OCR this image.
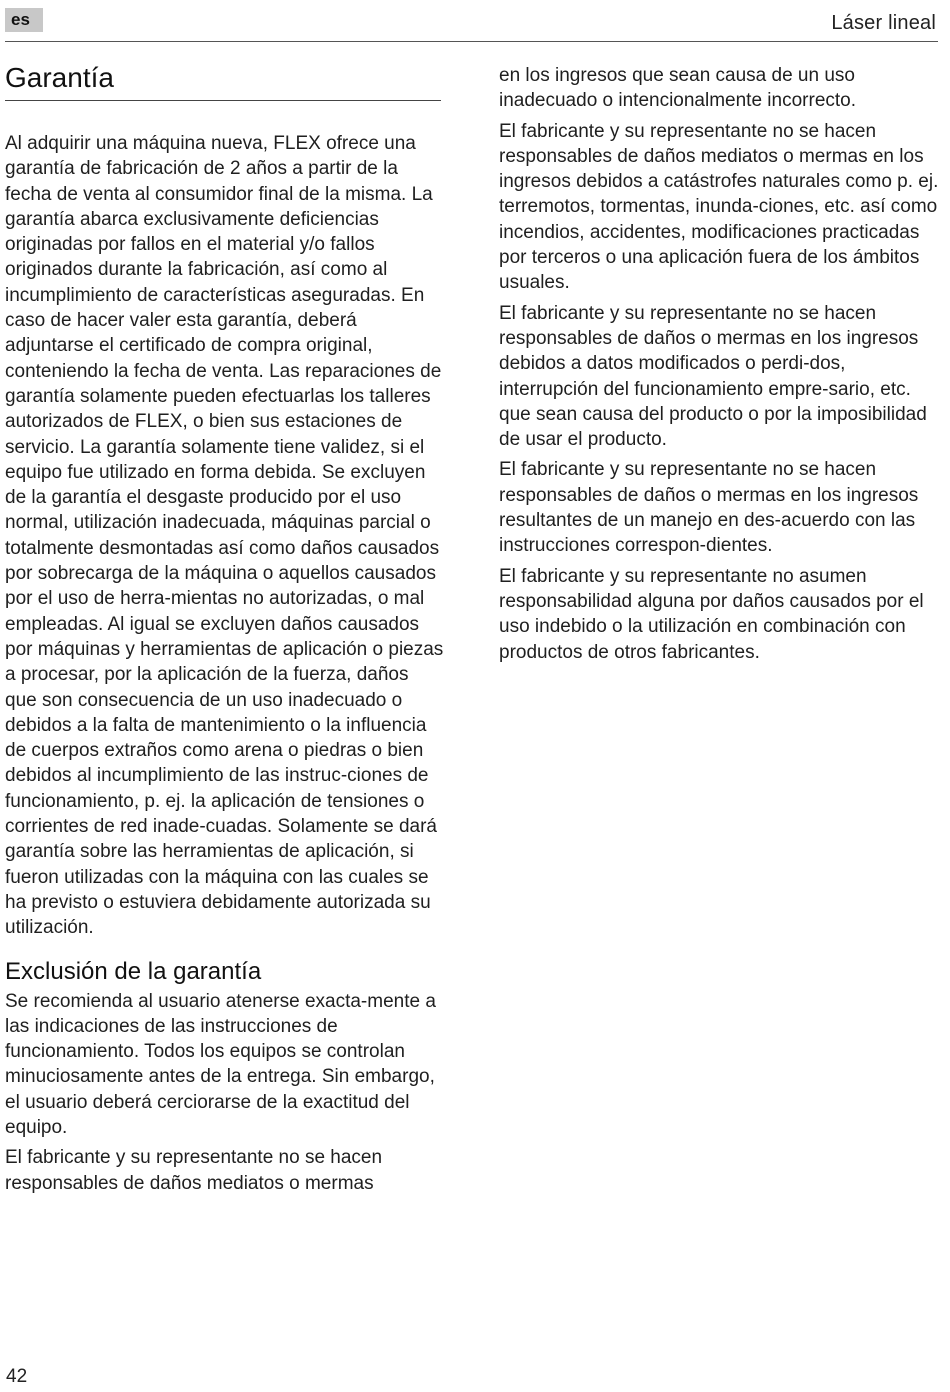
es	Láser lineal
Garantía

Al adquirir una máquina nueva, FLEX ofrece una garantía de fabricación de 2 años a partir de la fecha de venta al consumidor final de la misma. La garantía abarca exclusivamente deficiencias originadas por fallos en el material y/o fallos originados durante la fabricación, así como al incumplimiento de características aseguradas. En caso de hacer valer esta garantía, deberá adjuntarse el certificado de compra original, conteniendo la fecha de venta. Las reparaciones de garantía solamente pueden efectuarlas los talleres autorizados de FLEX, o bien sus estaciones de servicio. La garantía solamente tiene validez, si el equipo fue utilizado en forma debida. Se excluyen de la garantía el desgaste producido por el uso normal, utilización inadecuada, máquinas parcial o totalmente desmontadas así como daños causados por sobrecarga de la máquina o aquellos causados por el uso de herra-mientas no autorizadas, o mal empleadas. Al igual se excluyen daños causados por máquinas y herramientas de aplicación o piezas a procesar, por la aplicación de la fuerza, daños que son consecuencia de un uso inadecuado o debidos a la falta de mantenimiento o la influencia de cuerpos extraños como arena o piedras o bien debidos al incumplimiento de las instruc-ciones de funcionamiento, p. ej. la aplicación de tensiones o corrientes de red inade-cuadas. Solamente se dará garantía sobre las herramientas de aplicación, si fueron utilizadas con la máquina con las cuales se ha previsto o estuviera debidamente autorizada su utilización.

Exclusión de la garantía

Se recomienda al usuario atenerse exacta-mente a las indicaciones de las instrucciones de funcionamiento. Todos los equipos se controlan minuciosamente antes de la entrega. Sin embargo, el usuario deberá cerciorarse de la exactitud del equipo.

El fabricante y su representante no se hacen responsables de daños mediatos o mermas

en los ingresos que sean causa de un uso inadecuado o intencionalmente incorrecto.

El fabricante y su representante no se hacen responsables de daños mediatos o mermas en los ingresos debidos a catástrofes naturales como p. ej. terremotos, tormentas, inunda-ciones, etc. así como incendios, accidentes, modificaciones practicadas por terceros o una aplicación fuera de los ámbitos usuales.

El fabricante y su representante no se hacen responsables de daños o mermas en los ingresos debidos a datos modificados o perdi-dos, interrupción del funcionamiento empre-sario, etc. que sean causa del producto o por la imposibilidad de usar el producto.

El fabricante y su representante no se hacen responsables de daños o mermas en los ingresos resultantes de un manejo en des-acuerdo con las instrucciones correspon-dientes.

El fabricante y su representante no asumen responsabilidad alguna por daños causados por el uso indebido o la utilización en combinación con productos de otros fabricantes.

42
